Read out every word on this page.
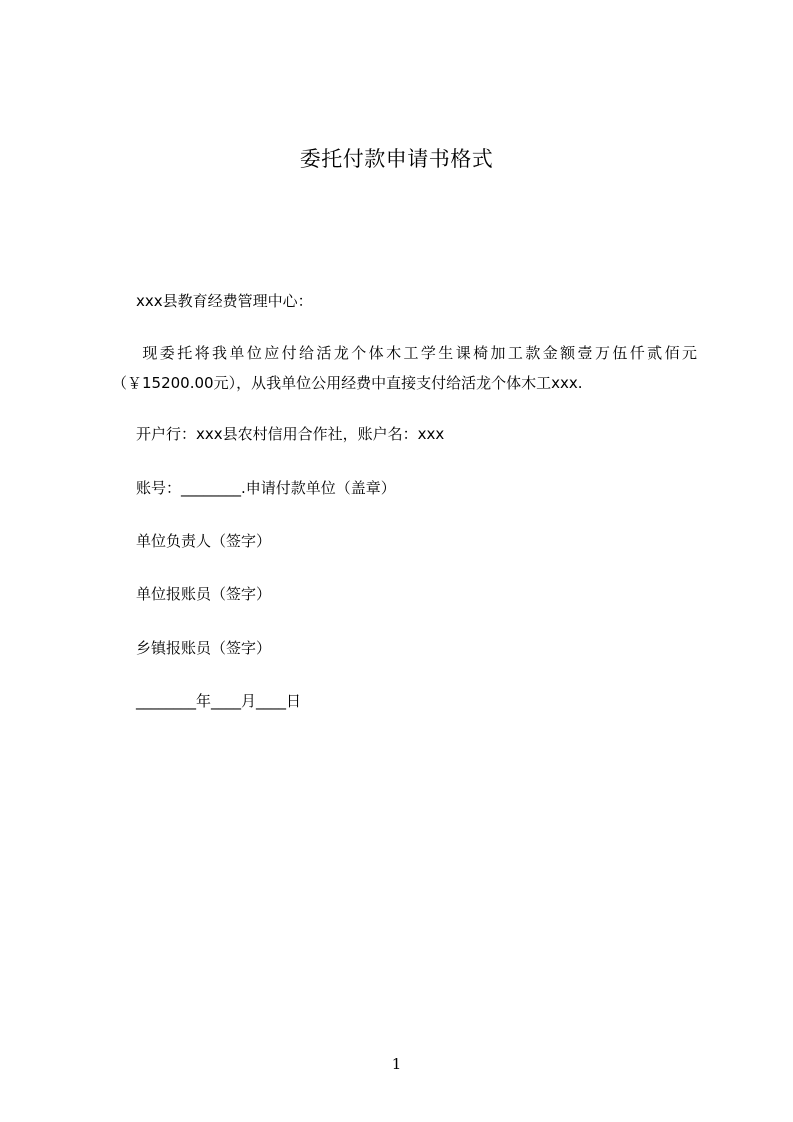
委托付款申请书格式

xxx县教育经费管理中心：

现委托将我单位应付给活龙个体木工学生课椅加工款金额壹万伍仟贰佰元（￥15200.00元），从我单位公用经费中直接支付给活龙个体木工xxx.

开户行：xxx县农村信用合作社，账户名：xxx

账号：________.申请付款单位（盖章）

单位负责人（签字）

单位报账员（签字）

乡镇报账员（签字）

________年____月____日

1
